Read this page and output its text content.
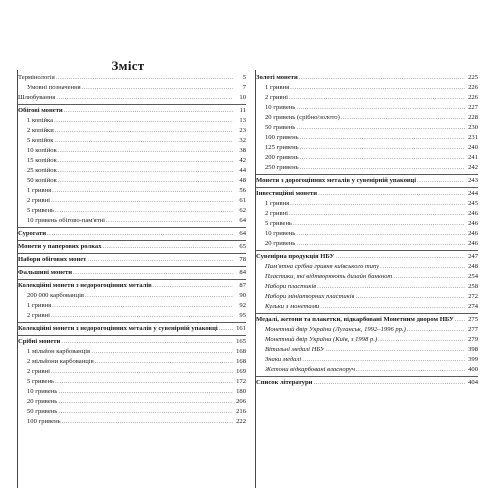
Зміст
Термінологія .....	5
Умовні позначення .....	7
Шлюбування .....	10
Обігові монети .....	11
1 копійка .....	13
2 копійки .....	23
5 копійок .....	32
10 копійок .....	38
15 копійок .....	42
25 копійок .....	44
50 копійок .....	48
1 гривня .....	56
2 гривні .....	61
5 гривень .....	62
10 гривень обігово-пам'ятні .....	64
Сурогати .....	64
Монети у паперових ролках .....	65
Набори обігових монет .....	78
Фальшиві монети .....	84
Колекційні монети з недорогоцінних металів .....	87
200 000 карбованців .....	90
1 гривня .....	92
2 гривні .....	95
Колекційні монети з недорогоцінних металів у сувенірній упаковці .....	161
Срібні монети .....	165
1 мільйон карбованців .....	168
2 мільйони карбованців .....	168
2 гривні .....	169
5 гривень .....	172
10 гривень .....	180
20 гривень .....	206
50 гривень .....	216
100 гривень .....	222
Золоті монети .....	225
1 гривня .....	226
2 гривні .....	226
10 гривень .....	227
20 гривень (срібно/золото) .....	228
50 гривень .....	230
100 гривень .....	231
125 гривень .....	240
200 гривень .....	241
250 гривень .....	242
Монети з дорогоцінних металів у сувенірній упаковці .....	243
Інвестиційні монети .....	244
1 гривня .....	245
2 гривні .....	246
5 гривень .....	246
10 гривень .....	246
20 гривень .....	246
Сувенірна продукція НБУ .....	247
Пам'ятна срібна гривня київського типу .....	248
Пластики, які відтворюють дизайн банкнот .....	254
Набори пластиків .....	258
Набори мініатюрних пластиків .....	272
Кульки з монетами .....	274
Медалі, жетони та плакетки, відкарбовані Монетним двором НБУ .....	275
Монетний двір України (Луганськ, 1992–1996 рр.) .....	277
Монетний двір України (Київ, з 1998 р.) .....	279
Вітальні медалі НБУ .....	398
Знаки медалі .....	399
Жетони відкарбовані власноруч .....	400
Список літератури .....	404
